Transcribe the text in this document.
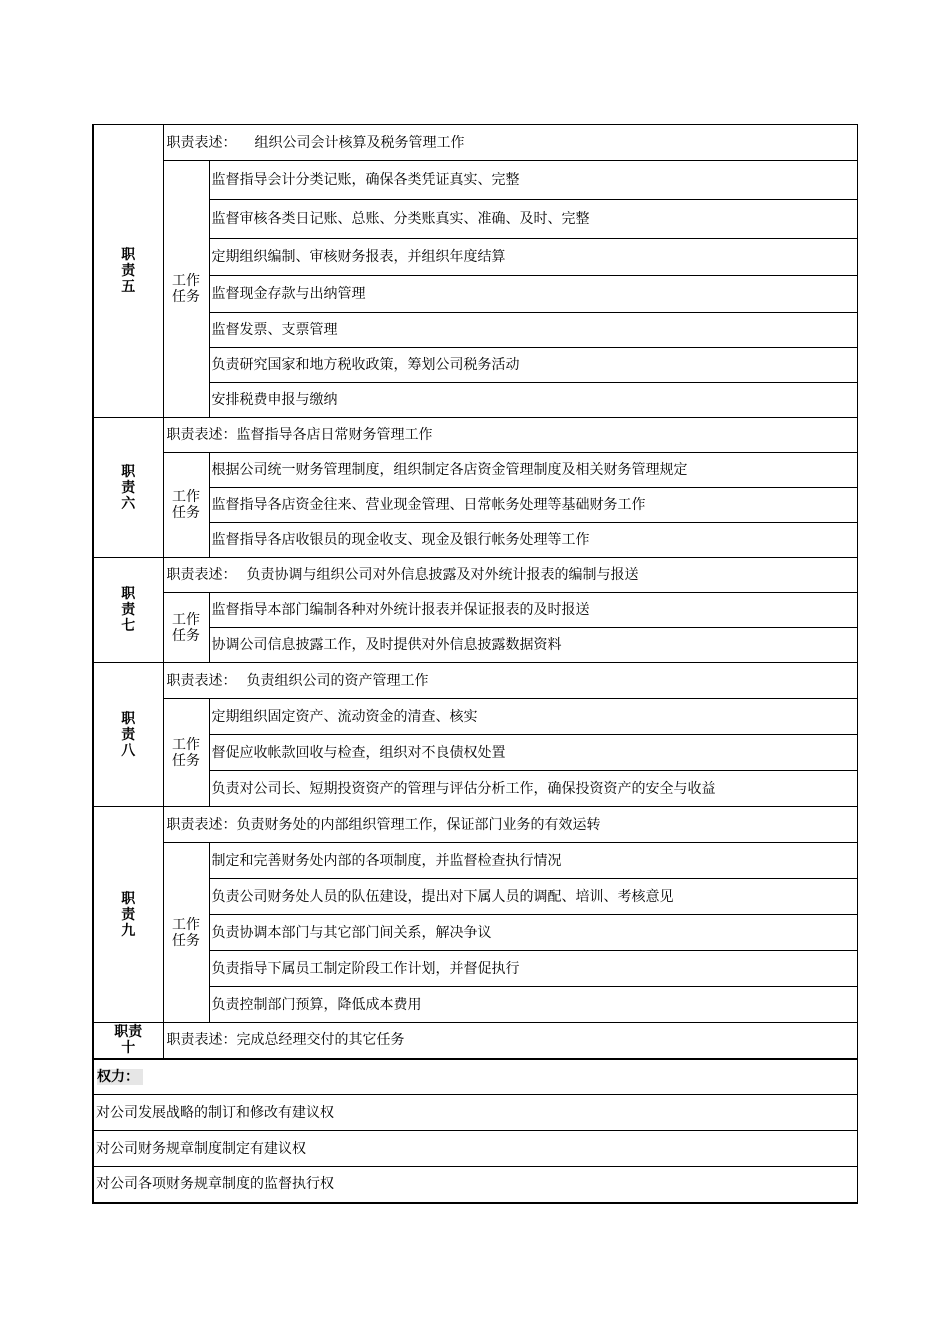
职
责
五	职责表述： 组织公司会计核算及税务管理工作	
	工作
任务	监督指导会计分类记账，确保各类凭证真实、完整
		监督审核各类日记账、总账、分类账真实、准确、及时、完整
		定期组织编制、审核财务报表，并组织年度结算
		监督现金存款与出纳管理
		监督发票、支票管理
		负责研究国家和地方税收政策，筹划公司税务活动
		安排税费申报与缴纳

职
责
六	职责表述：监督指导各店日常财务管理工作	
	工作
任务	根据公司统一财务管理制度，组织制定各店资金管理制度及相关财务管理规定
		监督指导各店资金往来、营业现金管理、日常帐务处理等基础财务工作
		监督指导各店收银员的现金收支、现金及银行帐务处理等工作

职
责
七	职责表述： 负责协调与组织公司对外信息披露及对外统计报表的编制与报送	
	工作
任务	监督指导本部门编制各种对外统计报表并保证报表的及时报送
		协调公司信息披露工作，及时提供对外信息披露数据资料

职
责
八	职责表述： 负责组织公司的资产管理工作	
	工作
任务	定期组织固定资产、流动资金的清查、核实
		督促应收帐款回收与检查，组织对不良债权处置
		负责对公司长、短期投资资产的管理与评估分析工作，确保投资资产的安全与收益

职
责
九	职责表述：负责财务处的内部组织管理工作，保证部门业务的有效运转	
	工作
任务	制定和完善财务处内部的各项制度，并监督检查执行情况
		负责公司财务处人员的队伍建设，提出对下属人员的调配、培训、考核意见
		负责协调本部门与其它部门间关系，解决争议
		负责指导下属员工制定阶段工作计划，并督促执行
		负责控制部门预算，降低成本费用

职责
十	职责表述：完成总经理交付的其它任务	
权力：		
对公司发展战略的制订和修改有建议权		
对公司财务规章制度制定有建议权		
对公司各项财务规章制度的监督执行权		
